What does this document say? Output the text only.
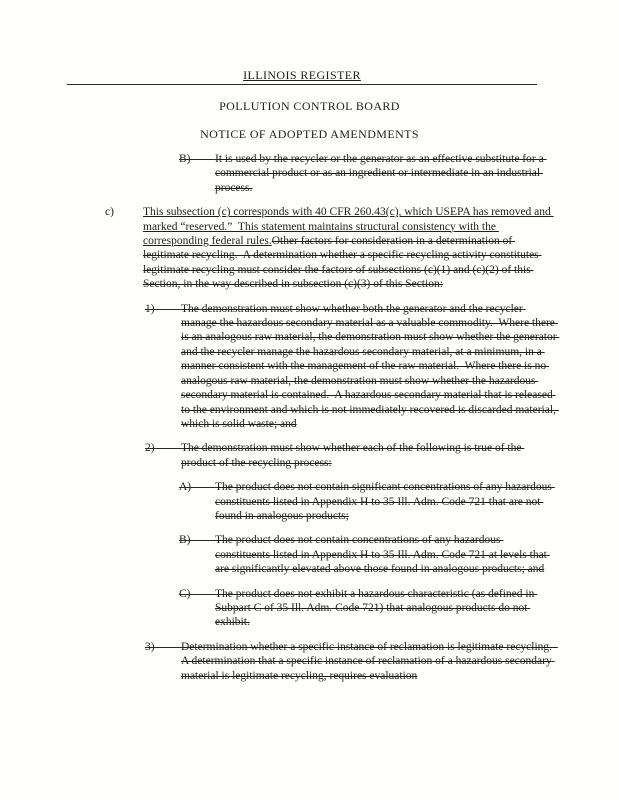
ILLINOIS REGISTER
POLLUTION CONTROL BOARD
NOTICE OF ADOPTED AMENDMENTS
B)	It is used by the recycler or the generator as an effective substitute for a commercial product or as an ingredient or intermediate in an industrial process.
c)	This subsection (c) corresponds with 40 CFR 260.43(c), which USEPA has removed and marked “reserved.”  This statement maintains structural consistency with the corresponding federal rules.Other factors for consideration in a determination of legitimate recycling.  A determination whether a specific recycling activity constitutes legitimate recycling must consider the factors of subsections (c)(1) and (c)(2) of this Section, in the way described in subsection (c)(3) of this Section:
1)	The demonstration must show whether both the generator and the recycler manage the hazardous secondary material as a valuable commodity.  Where there is an analogous raw material, the demonstration must show whether the generator and the recycler manage the hazardous secondary material, at a minimum, in a manner consistent with the management of the raw material.  Where there is no analogous raw material, the demonstration must show whether the hazardous secondary material is contained.  A hazardous secondary material that is released to the environment and which is not immediately recovered is discarded material, which is solid waste; and
2)	The demonstration must show whether each of the following is true of the product of the recycling process:
A)	The product does not contain significant concentrations of any hazardous constituents listed in Appendix H to 35 Ill. Adm. Code 721 that are not found in analogous products;
B)	The product does not contain concentrations of any hazardous constituents listed in Appendix H to 35 Ill. Adm. Code 721 at levels that are significantly elevated above those found in analogous products; and
C)	The product does not exhibit a hazardous characteristic (as defined in Subpart C of 35 Ill. Adm. Code 721) that analogous products do not exhibit.
3)	Determination whether a specific instance of reclamation is legitimate recycling.  A determination that a specific instance of reclamation of a hazardous secondary material is legitimate recycling, requires evaluation
